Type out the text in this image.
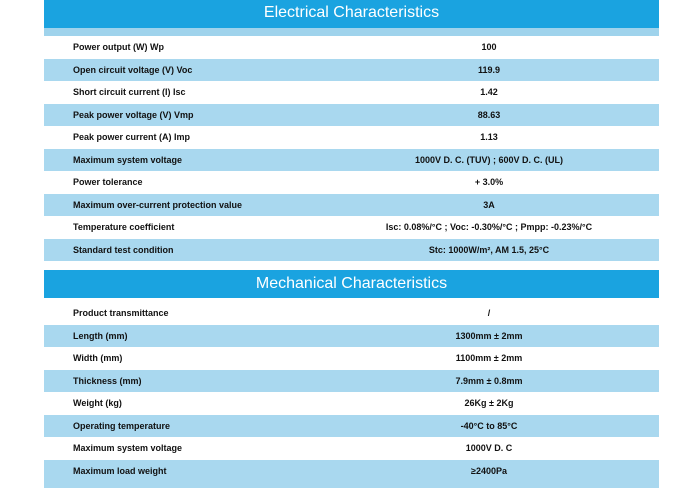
Electrical Characteristics
Power output (W) Wp	100
Open circuit voltage (V) Voc	119.9
Short circuit current (I) Isc	1.42
Peak power voltage (V) Vmp	88.63
Peak power current (A) Imp	1.13
Maximum system voltage	1000V D. C. (TUV) ; 600V D. C. (UL)
Power tolerance	+ 3.0%
Maximum over-current protection value	3A
Temperature coefficient	Isc: 0.08%/°C ; Voc: -0.30%/°C ; Pmpp: -0.23%/°C
Standard test condition	Stc: 1000W/m², AM 1.5, 25°C
Mechanical Characteristics
Product transmittance	/
Length (mm)	1300mm ± 2mm
Width (mm)	1100mm ± 2mm
Thickness (mm)	7.9mm ± 0.8mm
Weight (kg)	26Kg ± 2Kg
Operating temperature	-40°C to 85°C
Maximum system voltage	1000V D. C
Maximum load weight	≥2400Pa
